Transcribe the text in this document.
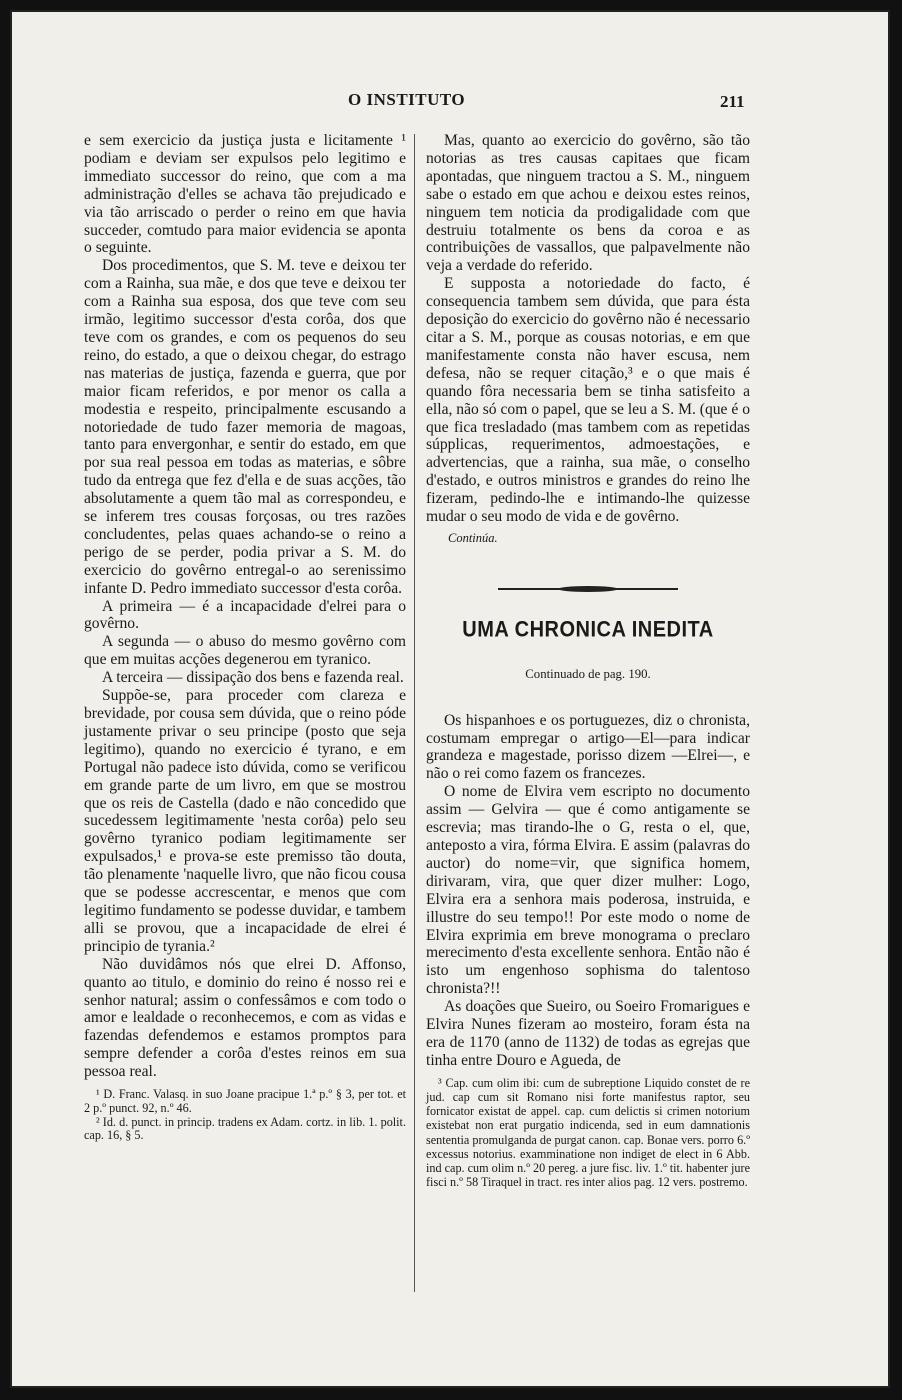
O INSTITUTO	211

e sem exercicio da justiça justa e licitamente ¹ podiam e deviam ser expulsos pelo legitimo e immediato successor do reino, que com a ma administração d'elles se achava tão prejudicado e via tão arriscado o perder o reino em que havia succeder, comtudo para maior evidencia se aponta o seguinte.

Dos procedimentos, que S. M. teve e deixou ter com a Rainha, sua mãe, e dos que teve e deixou ter com a Rainha sua esposa, dos que teve com seu irmão, legitimo successor d'esta corôa, dos que teve com os grandes, e com os pequenos do seu reino, do estado, a que o deixou chegar, do estrago nas materias de justiça, fazenda e guerra, que por maior ficam referidos, e por menor os calla a modestia e respeito, principalmente escusando a notoriedade de tudo fazer memoria de magoas, tanto para envergonhar, e sentir do estado, em que por sua real pessoa em todas as materias, e sôbre tudo da entrega que fez d'ella e de suas acções, tão absolutamente a quem tão mal as correspondeu, e se inferem tres cousas forçosas, ou tres razões concludentes, pelas quaes achando-se o reino a perigo de se perder, podia privar a S. M. do exercicio do govêrno entregal-o ao serenissimo infante D. Pedro immediato successor d'esta corôa.

A primeira — é a incapacidade d'elrei para o govêrno.

A segunda — o abuso do mesmo govêrno com que em muitas acções degenerou em tyranico.

A terceira — dissipação dos bens e fazenda real.

Suppõe-se, para proceder com clareza e brevidade, por cousa sem dúvida, que o reino póde justamente privar o seu principe (posto que seja legitimo), quando no exercicio é tyrano, e em Portugal não padece isto dúvida, como se verificou em grande parte de um livro, em que se mostrou que os reis de Castella (dado e não concedido que sucedessem legitimamente 'nesta corôa) pelo seu govêrno tyranico podiam legitimamente ser expulsados,¹ e prova-se este premisso tão douta, tão plenamente 'naquelle livro, que não ficou cousa que se podesse accrescentar, e menos que com legitimo fundamento se podesse duvidar, e tambem alli se provou, que a incapacidade de elrei é principio de tyrania.²

Não duvidâmos nós que elrei D. Affonso, quanto ao titulo, e dominio do reino é nosso rei e senhor natural; assim o confessâmos e com todo o amor e lealdade o reconhecemos, e com as vidas e fazendas defendemos e estamos promptos para sempre defender a corôa d'estes reinos em sua pessoa real.

¹ D. Franc. Valasq. in suo Joane pracipue 1.ª p.º § 3, per tot. et 2 p.º punct. 92, n.º 46.

² Id. d. punct. in princip. tradens ex Adam. cortz. in lib. 1. polit. cap. 16, § 5.

Mas, quanto ao exercicio do govêrno, são tão notorias as tres causas capitaes que ficam apontadas, que ninguem tractou a S. M., ninguem sabe o estado em que achou e deixou estes reinos, ninguem tem noticia da prodigalidade com que destruiu totalmente os bens da coroa e as contribuições de vassallos, que palpavelmente não veja a verdade do referido.

E supposta a notoriedade do facto, é consequencia tambem sem dúvida, que para ésta deposição do exercicio do govêrno não é necessario citar a S. M., porque as cousas notorias, e em que manifestamente consta não haver escusa, nem defesa, não se requer citação,³ e o que mais é quando fôra necessaria bem se tinha satisfeito a ella, não só com o papel, que se leu a S. M. (que é o que fica tresladado (mas tambem com as repetidas súpplicas, requerimentos, admoestações, e advertencias, que a rainha, sua mãe, o conselho d'estado, e outros ministros e grandes do reino lhe fizeram, pedindo-lhe e intimando-lhe quizesse mudar o seu modo de vida e de govêrno.

Continúa.
UMA CHRONICA INEDITA
Continuado de pag. 190.

Os hispanhoes e os portuguezes, diz o chronista, costumam empregar o artigo—El—para indicar grandeza e magestade, porisso dizem —Elrei—, e não o rei como fazem os francezes.

O nome de Elvira vem escripto no documento assim — Gelvira — que é como antigamente se escrevia; mas tirando-lhe o G, resta o el, que, anteposto a vira, fórma Elvira. E assim (palavras do auctor) do nome=vir, que significa homem, dirivaram, vira, que quer dizer mulher: Logo, Elvira era a senhora mais poderosa, instruida, e illustre do seu tempo!! Por este modo o nome de Elvira exprimia em breve monograma o preclaro merecimento d'esta excellente senhora. Então não é isto um engenhoso sophisma do talentoso chronista?!!

As doações que Sueiro, ou Soeiro Fromarigues e Elvira Nunes fizeram ao mosteiro, foram ésta na era de 1170 (anno de 1132) de todas as egrejas que tinha entre Douro e Agueda, de

³ Cap. cum olim ibi: cum de subreptione Liquido constet de re jud. cap cum sit Romano nisi forte manifestus raptor, seu fornicator existat de appel. cap. cum delictis si crimen notorium existebat non erat purgatio indicenda, sed in eum damnationis sententia promulganda de purgat canon. cap. Bonae vers. porro 6.º excessus notorius. examminatione non indiget de elect in 6 Abb. ind cap. cum olim n.º 20 pereg. a jure fisc. liv. 1.º tit. habenter jure fisci n.º 58 Tiraquel in tract. res inter alios pag. 12 vers. postremo.
